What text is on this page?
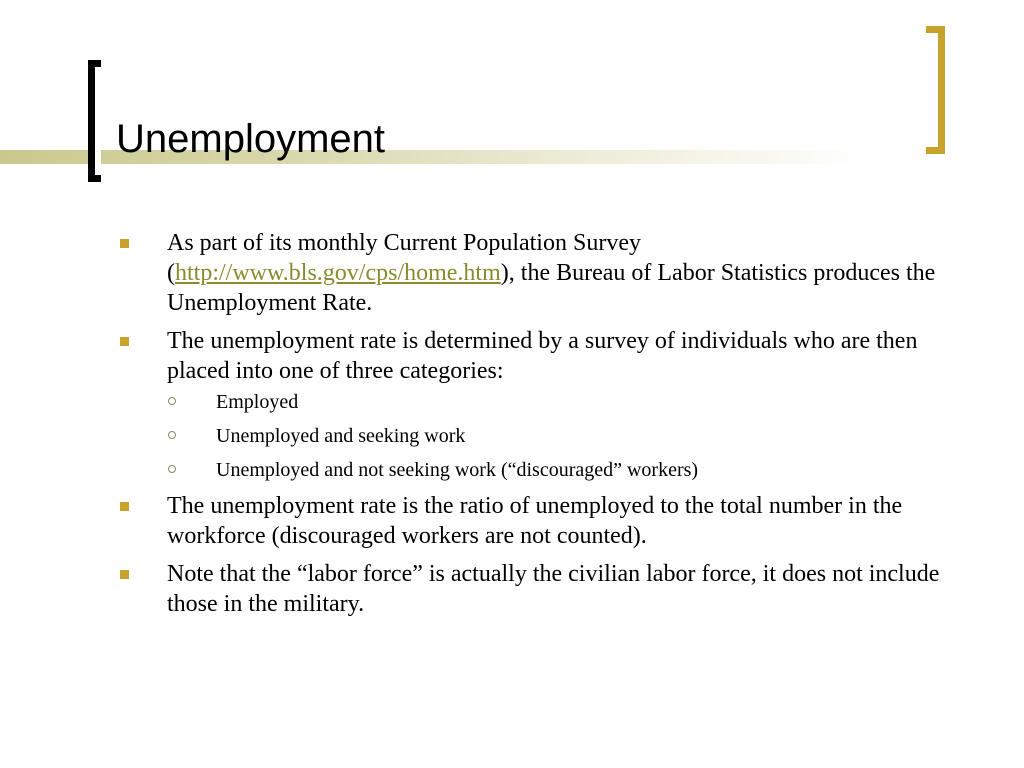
Unemployment
As part of its monthly Current Population Survey (http://www.bls.gov/cps/home.htm), the Bureau of Labor Statistics produces the Unemployment Rate.
The unemployment rate is determined by a survey of individuals who are then placed into one of three categories:
Employed
Unemployed and seeking work
Unemployed and not seeking work (“discouraged” workers)
The unemployment rate is the ratio of unemployed to the total number in the workforce (discouraged workers are not counted).
Note that the “labor force” is actually the civilian labor force, it does not include those in the military.
